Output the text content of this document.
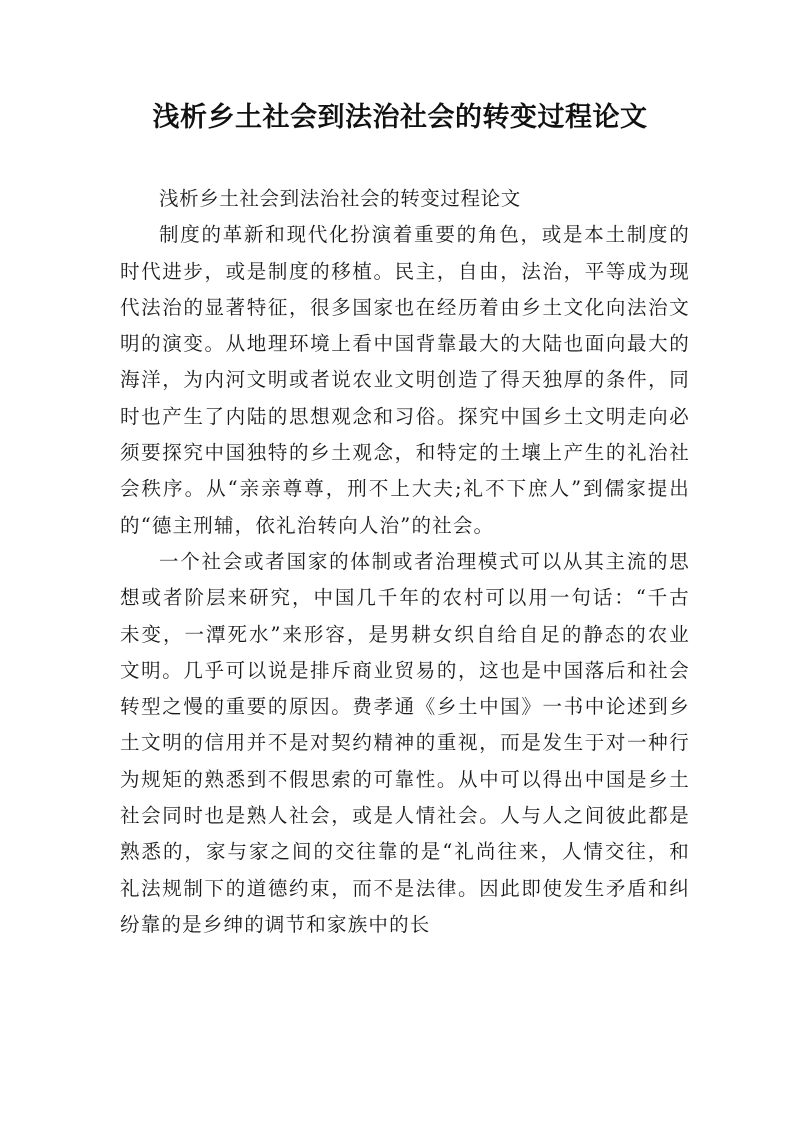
浅析乡土社会到法治社会的转变过程论文

浅析乡土社会到法治社会的转变过程论文

制度的革新和现代化扮演着重要的角色，或是本土制度的时代进步，或是制度的移植。民主，自由，法治，平等成为现代法治的显著特征，很多国家也在经历着由乡土文化向法治文明的演变。从地理环境上看中国背靠最大的大陆也面向最大的海洋，为内河文明或者说农业文明创造了得天独厚的条件，同时也产生了内陆的思想观念和习俗。探究中国乡土文明走向必须要探究中国独特的乡土观念，和特定的土壤上产生的礼治社会秩序。从“亲亲尊尊，刑不上大夫;礼不下庶人”到儒家提出的“德主刑辅，依礼治转向人治”的社会。

一个社会或者国家的体制或者治理模式可以从其主流的思想或者阶层来研究，中国几千年的农村可以用一句话：“千古未变，一潭死水”来形容，是男耕女织自给自足的静态的农业文明。几乎可以说是排斥商业贸易的，这也是中国落后和社会转型之慢的重要的原因。费孝通《乡土中国》一书中论述到乡土文明的信用并不是对契约精神的重视，而是发生于对一种行为规矩的熟悉到不假思索的可靠性。从中可以得出中国是乡土社会同时也是熟人社会，或是人情社会。人与人之间彼此都是熟悉的，家与家之间的交往靠的是“礼尚往来，人情交往，和礼法规制下的道德约束，而不是法律。因此即使发生矛盾和纠纷靠的是乡绅的调节和家族中的长
